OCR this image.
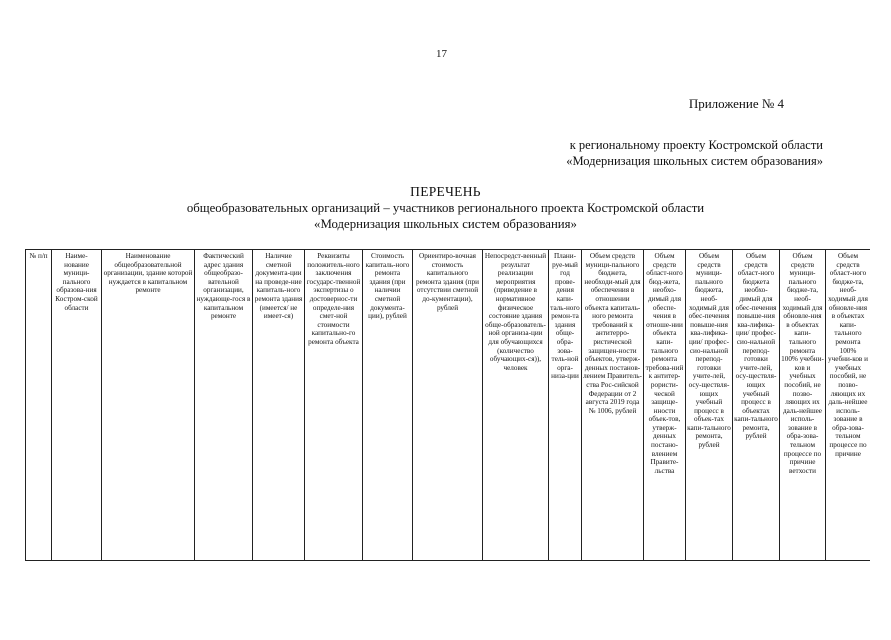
17
Приложение № 4
к региональному проекту Костромской области
«Модернизация школьных систем образования»
ПЕРЕЧЕНЬ
общеобразовательных организаций – участников регионального проекта Костромской области
«Модернизация школьных систем образования»
№ п/п	Наиме-нование муници-пального образова-ния Костром-ской области	Наименование общеобразовательной организации, здание которой нуждается в капитальном ремонте	Фактический адрес здания общеобразо-вательной организации, нуждающе-гося в капитальном ремонте	Наличие сметной документа-ции на проведе-ние капиталь-ного ремонта здания (имеется/ не имеет-ся)	Реквизиты положитель-ного заключения государс-твенной экспертизы о достовернос-ти определе-ния смет-ной стоимости капитально-го ремонта объекта	Стоимость капиталь-ного ремонта здания (при наличии сметной документа-ции), рублей	Ориентиро-вочная стоимость капитального ремонта здания (при отсутствии сметной до-кументации), рублей	Непосредст-венный результат реализации мероприятия (приведение в нормативное физическое состояние здания обще-образователь-ной организа-ции для обучающихся (количество обучающих-ся)), человек	Плани-руе-мый год прове-дения капи-таль-ного ремон-та здания обще-обра-зова-тель-ной орга-низа-ции	Объем средств муници-пального бюджета, необходи-мый для обеспечения в отношении объекта капиталь-ного ремонта требований к антитерро-ристической защищен-ности объектов, утверж-денных постанов-лением Правитель-ства Рос-сийской Федерации от 2 августа 2019 года № 1006, рублей	Объем средств област-ного бюд-жета, необхо-димый для обеспе-чения в отноше-нии объекта капи-тального ремонта требова-ний к антитер-рористи-ческой защище-нности объек-тов, утверж-денных постано-влением Правите-льства	Объем средств муници-пального бюджета, необ-ходимый для обес-печения повыше-ния ква-лифика-ции/ профес-сио-нальной перепод-готовки учите-лей, осу-ществля-ющих учебный процесс в объек-тах капи-тального ремонта, рублей	Объем средств област-ного бюджета необхо-димый для обес-печения повыше-ния ква-лифика-ции/ профес-сио-нальной перепод-готовки учите-лей, осу-ществля-ющих учебный процесс в объектах капи-тального ремонта, рублей	Объем средств муници-пального бюдже-та, необ-ходимый для обновле-ния в объектах капи-тального ремонта 100% учебни-ков и учебных пособий, не позво-ляющих их даль-нейшее исполь-зование в обра-зова-тельном процессе по причине ветхости	Объем средств област-ного бюдже-та, необ-ходимый для обновле-ния в объектах капи-тального ремонта 100% учебни-ков и учебных пособий, не позво-ляющих их даль-нейшее исполь-зование в обра-зова-тельном процессе по причине
